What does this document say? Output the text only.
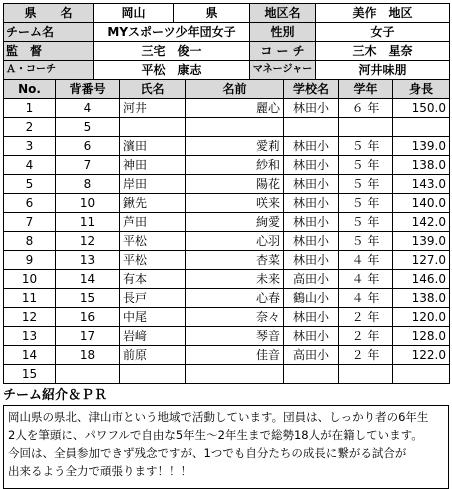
県　　名	岡山	県	地区名	美作　地区
チーム名	MYスポーツ少年団女子		性別	女子
監　督	三宅　俊一		コ ー チ	三木　星奈
Ａ・コーチ	平松　康志		マネージャー	河井味朋
No.	背番号	氏名	名前	学校名	学年	身長
1	4	河井	麗心	林田小	６ 年	150.0
2	5					
3	6	濱田	愛莉	林田小	５ 年	139.0
4	7	神田	紗和	林田小	５ 年	138.0
5	8	岸田	陽花	林田小	５ 年	143.0
6	10	鍬先	咲来	林田小	５ 年	140.0
7	11	芦田	絢愛	林田小	５ 年	142.0
8	12	平松	心羽	林田小	５ 年	139.0
9	13	平松	杏菜	林田小	４ 年	127.0
10	14	有本	未来	高田小	４ 年	146.0
11	15	長戸	心春	鶴山小	４ 年	138.0
12	16	中尾	奈々	林田小	２ 年	120.0
13	17	岩﨑	琴音	林田小	２ 年	128.0
14	18	前原	佳音	高田小	２ 年	122.0
15						
チーム紹介＆ＰＲ
岡山県の県北、津山市という地域で活動しています。団員は、しっかり者の6年生
2人を筆頭に、パワフルで自由な5年生～2年生まで総勢18人が在籍しています。
今回は、全員参加できず残念ですが、1つでも自分たちの成長に繋がる試合が
出来るよう全力で頑張ります！！！
